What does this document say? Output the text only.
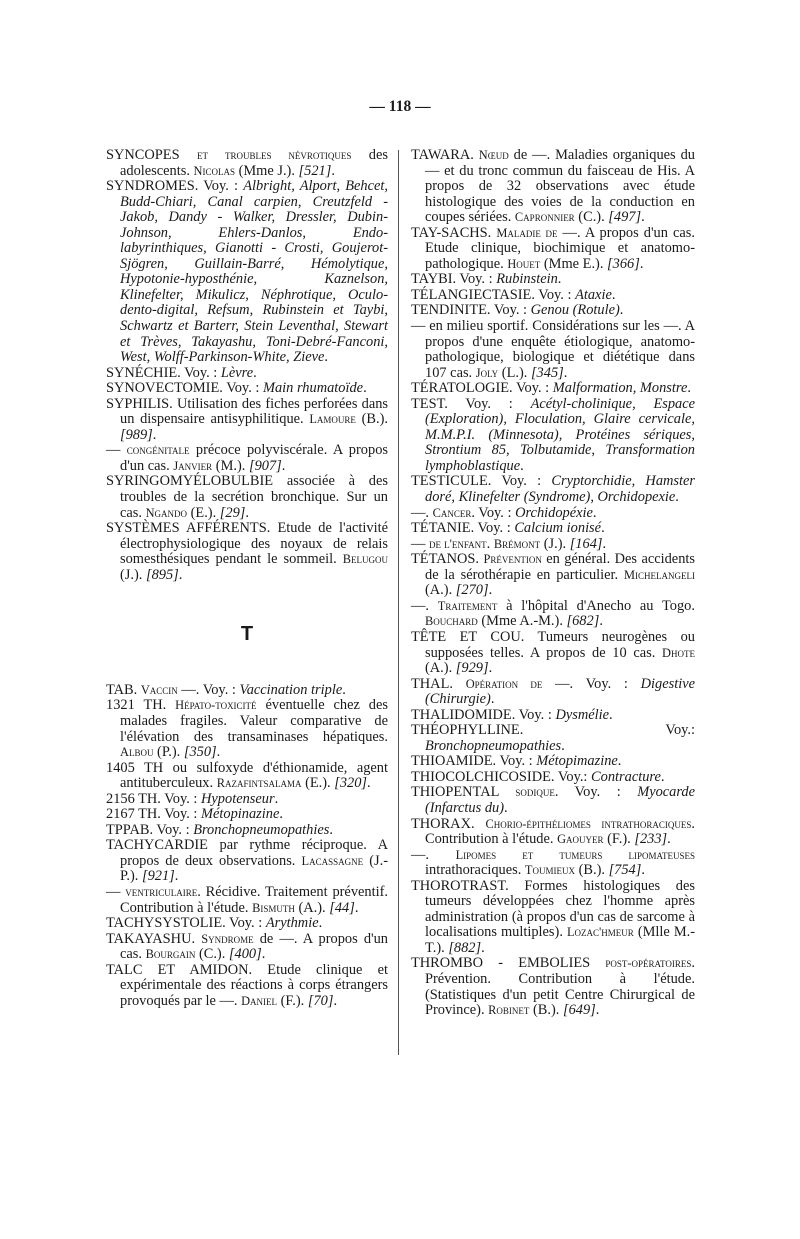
— 118 —

SYNCOPES et troubles névrotiques des adolescents. Nicolas (Mme J.). [521].

SYNDROMES. Voy. : Albright, Alport, Behcet, Budd-Chiari, Canal carpien, Creutzfeld - Jakob, Dandy - Walker, Dressler, Dubin-Johnson, Ehlers-Danlos, Endo-labyrinthiques, Gianotti - Crosti, Goujerot-Sjögren, Guillain-Barré, Hémolytique, Hypotonie-hyposthénie, Kaznelson, Klinefelter, Mikulicz, Néphrotique, Oculo-dento-digital, Refsum, Rubinstein et Taybi, Schwartz et Barterr, Stein Leventhal, Stewart et Trèves, Takayashu, Toni-Debré-Fanconi, West, Wolff-Parkinson-White, Zieve.

SYNÉCHIE. Voy. : Lèvre.

SYNOVECTOMIE. Voy. : Main rhumatoïde.

SYPHILIS. Utilisation des fiches perforées dans un dispensaire antisyphilitique. Lamoure (B.). [989].

— congénitale précoce polyviscérale. A propos d'un cas. Janvier (M.). [907].

SYRINGOMYÉLOBULBIE associée à des troubles de la secrétion bronchique. Sur un cas. Ngando (E.). [29].

SYSTÈMES AFFÉRENTS. Etude de l'activité électrophysiologique des noyaux de relais somesthésiques pendant le sommeil. Belugou (J.). [895].

T

TAB. Vaccin —. Voy. : Vaccination triple.

1321 TH. Hépato-toxicité éventuelle chez des malades fragiles. Valeur comparative de l'élévation des transaminases hépatiques. Albou (P.). [350].

1405 TH ou sulfoxyde d'éthionamide, agent antituberculeux. Razafintsalama (E.). [320].

2156 TH. Voy. : Hypotenseur.

2167 TH. Voy. : Métopinazine.

TPPAB. Voy. : Bronchopneumopathies.

TACHYCARDIE par rythme réciproque. A propos de deux observations. Lacassagne (J.-P.). [921].

— ventriculaire. Récidive. Traitement préventif. Contribution à l'étude. Bismuth (A.). [44].

TACHYSYSTOLIE. Voy. : Arythmie.

TAKAYASHU. Syndrome de —. A propos d'un cas. Bourgain (C.). [400].

TALC ET AMIDON. Etude clinique et expérimentale des réactions à corps étrangers provoqués par le —. Daniel (F.). [70].

TAWARA. Nœud de —. Maladies organiques du — et du tronc commun du faisceau de His. A propos de 32 observations avec étude histologique des voies de la conduction en coupes sériées. Capronnier (C.). [497].

TAY-SACHS. Maladie de —. A propos d'un cas. Etude clinique, biochimique et anatomo-pathologique. Houet (Mme E.). [366].

TAYBI. Voy. : Rubinstein.

TÉLANGIECTASIE. Voy. : Ataxie.

TENDINITE. Voy. : Genou (Rotule).

— en milieu sportif. Considérations sur les —. A propos d'une enquête étiologique, anatomo-pathologique, biologique et diététique dans 107 cas. Joly (L.). [345].

TÉRATOLOGIE. Voy. : Malformation, Monstre.

TEST. Voy. : Acétyl-cholinique, Espace (Exploration), Floculation, Glaire cervicale, M.M.P.I. (Minnesota), Protéines sériques, Strontium 85, Tolbutamide, Transformation lymphoblastique.

TESTICULE. Voy. : Cryptorchidie, Hamster doré, Klinefelter (Syndrome), Orchidopexie.

—. Cancer. Voy. : Orchidopéxie.

TÉTANIE. Voy. : Calcium ionisé.

— de l'enfant. Brémont (J.). [164].

TÉTANOS. Prévention en général. Des accidents de la sérothérapie en particulier. Michelangeli (A.). [270].

—. Traitement à l'hôpital d'Anecho au Togo. Bouchard (Mme A.-M.). [682].

TÊTE ET COU. Tumeurs neurogènes ou supposées telles. A propos de 10 cas. Dhote (A.). [929].

THAL. Opération de —. Voy. : Digestive (Chirurgie).

THALIDOMIDE. Voy. : Dysmélie.

THÉOPHYLLINE. Voy.: Bronchopneumopathies.

THIOAMIDE. Voy. : Métopimazine.

THIOCOLCHICOSIDE. Voy.: Contracture.

THIOPENTAL sodique. Voy. : Myocarde (Infarctus du).

THORAX. Chorio-épithéliomes intrathoraciques. Contribution à l'étude. Gaouyer (F.). [233].

—. Lipomes et tumeurs lipomateuses intrathoraciques. Toumieux (B.). [754].

THOROTRAST. Formes histologiques des tumeurs développées chez l'homme après administration (à propos d'un cas de sarcome à localisations multiples). Lozac'hmeur (Mlle M.-T.). [882].

THROMBO - EMBOLIES post-opératoires. Prévention. Contribution à l'étude. (Statistiques d'un petit Centre Chirurgical de Province). Robinet (B.). [649].
